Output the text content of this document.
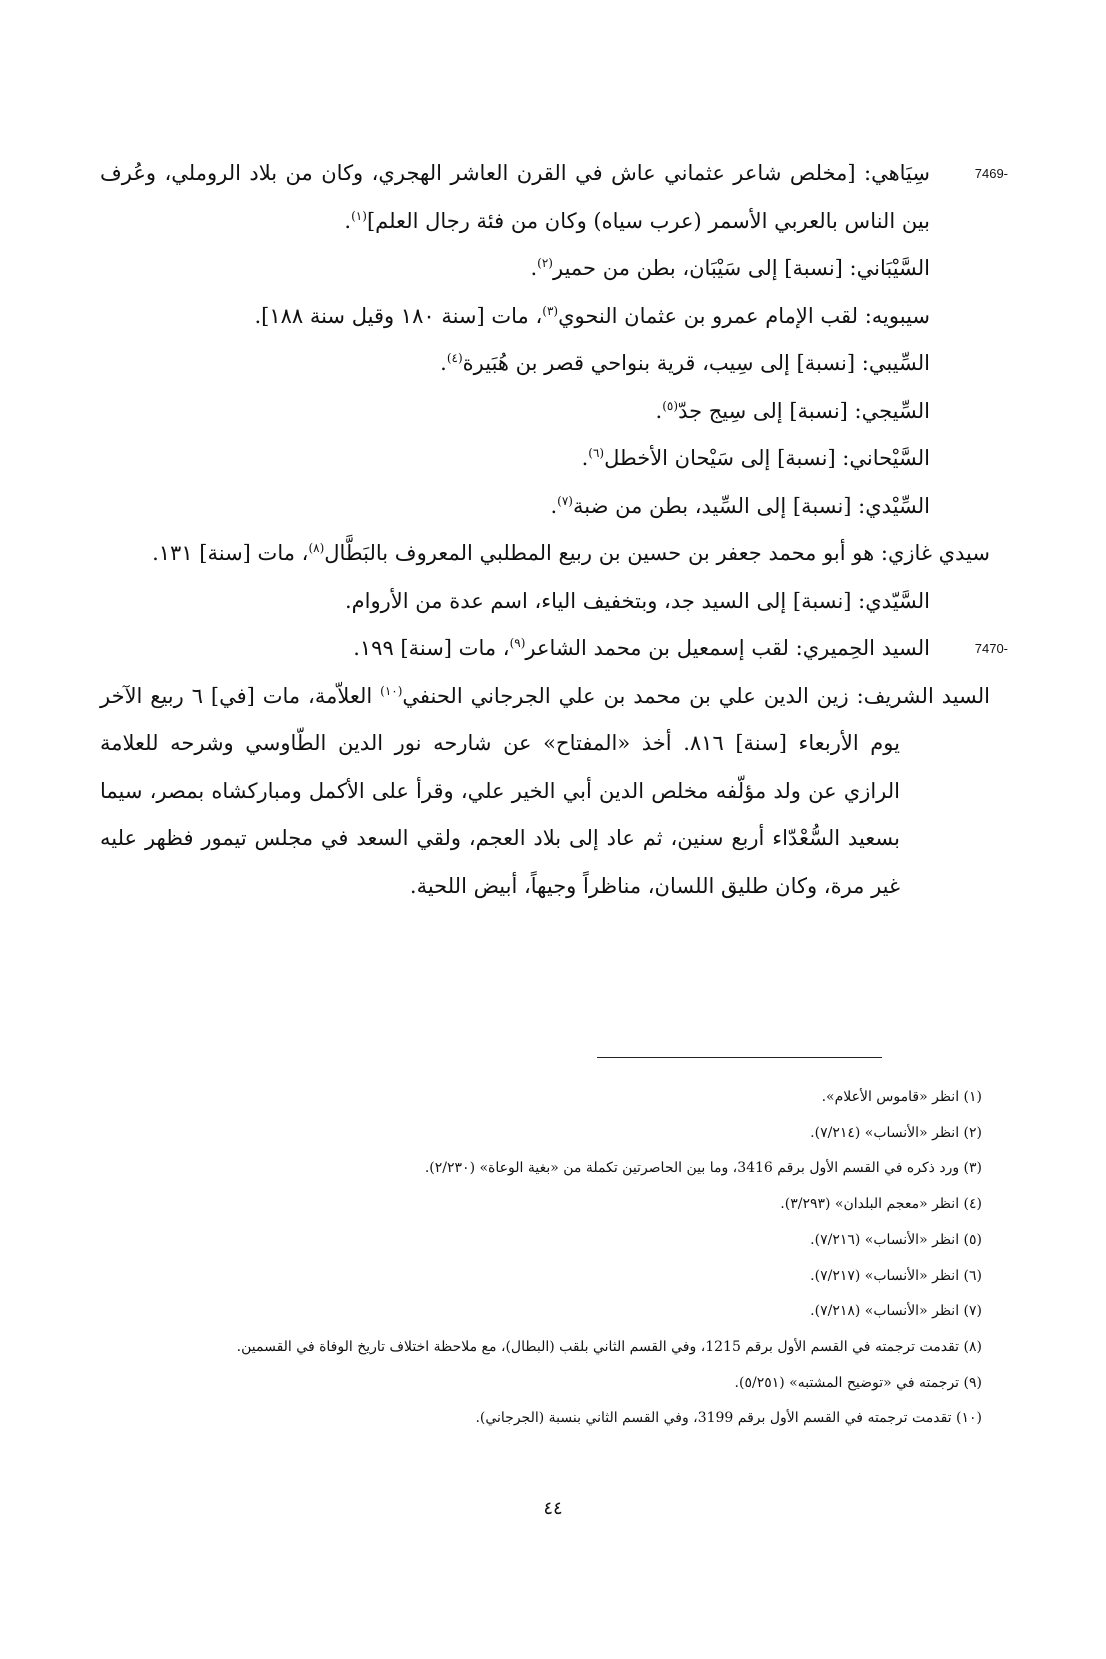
7469-
سِيَاهي: [مخلص شاعر عثماني عاش في القرن العاشر الهجري، وكان من بلاد الروملي، وعُرف بين الناس بالعربي الأسمر (عرب سياه) وكان من فئة رجال العلم]$^{(١)}$.

السَّيْبَاني: [نسبة] إلى سَيْبَان، بطن من حمير$^{(٢)}$.

سيبويه: لقب الإمام عمرو بن عثمان النحوي$^{(٣)}$، مات [سنة ١٨٠ وقيل سنة ١٨٨].

السِّيبي: [نسبة] إلى سِيب، قرية بنواحي قصر بن هُبَيرة$^{(٤)}$.

السِّيجي: [نسبة] إلى سِيج جدّ$^{(٥)}$.

السَّيْحاني: [نسبة] إلى سَيْحان الأخطل$^{(٦)}$.

السِّيْدي: [نسبة] إلى السِّيد، بطن من ضبة$^{(٧)}$.

سيدي غازي: هو أبو محمد جعفر بن حسين بن ربيع المطلبي المعروف بالبَطَّال$^{(٨)}$، مات [سنة] ١٣١.

السَّيّدي: [نسبة] إلى السيد جد، وبتخفيف الياء، اسم عدة من الأروام.

7470-
السيد الحِميري: لقب إسمعيل بن محمد الشاعر$^{(٩)}$، مات [سنة] ١٩٩.

السيد الشريف: زين الدين علي بن محمد بن علي الجرجاني الحنفي$^{(١٠)}$ العلاّمة، مات [في] ٦ ربيع الآخر يوم الأربعاء [سنة] ٨١٦. أخذ «المفتاح» عن شارحه نور الدين الطّاوسي وشرحه للعلامة الرازي عن ولد مؤلّفه مخلص الدين أبي الخير علي، وقرأ على الأكمل ومباركشاه بمصر، سيما بسعيد السُّعْدّاء أربع سنين، ثم عاد إلى بلاد العجم، ولقي السعد في مجلس تيمور فظهر عليه غير مرة، وكان طليق اللسان، مناظراً وجيهاً، أبيض اللحية.

(١) انظر «قاموس الأعلام».

(٢) انظر «الأنساب» (٧/٢١٤).

(٣) ورد ذكره في القسم الأول برقم 3416، وما بين الحاصرتين تكملة من «بغية الوعاة» (٢/٢٣٠).

(٤) انظر «معجم البلدان» (٣/٢٩٣).

(٥) انظر «الأنساب» (٧/٢١٦).

(٦) انظر «الأنساب» (٧/٢١٧).

(٧) انظر «الأنساب» (٧/٢١٨).

(٨) تقدمت ترجمته في القسم الأول برقم 1215، وفي القسم الثاني بلقب (البطال)، مع ملاحظة اختلاف تاريخ الوفاة في القسمين.

(٩) ترجمته في «توضيح المشتبه» (٥/٢٥١).

(١٠) تقدمت ترجمته في القسم الأول برقم 3199، وفي القسم الثاني بنسبة (الجرجاني).

٤٤
